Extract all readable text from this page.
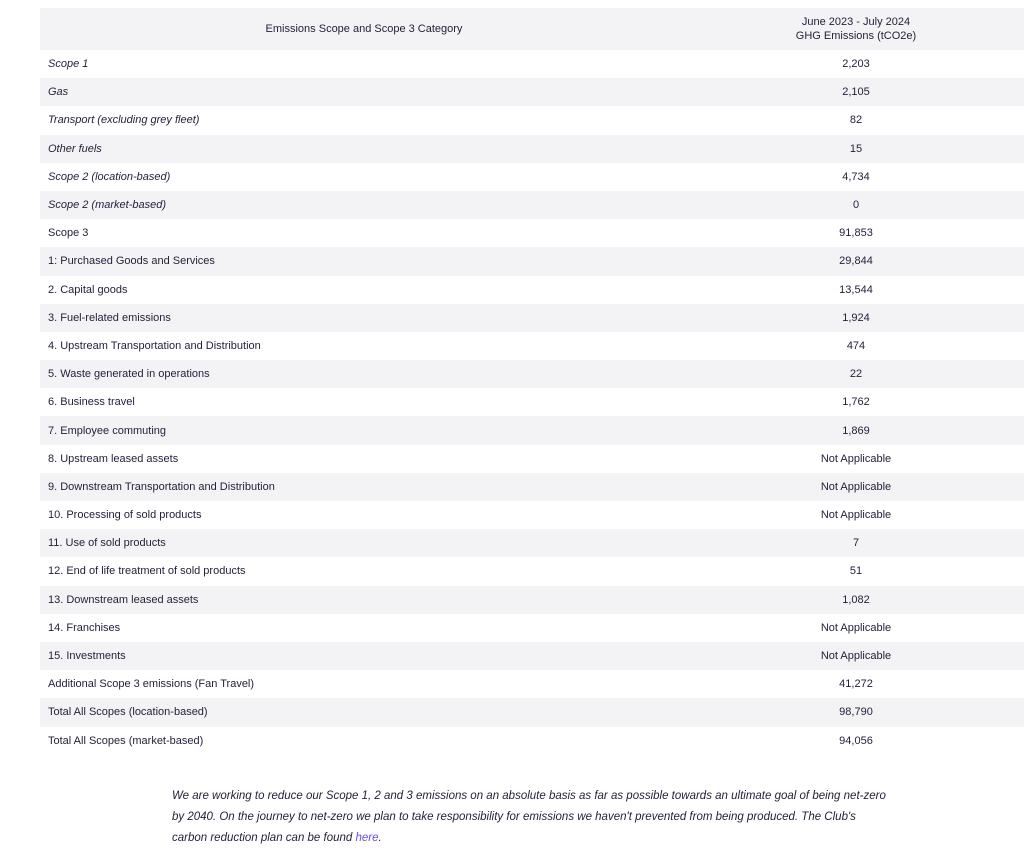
Emissions Scope and Scope 3 Category	June 2023 - July 2024
GHG Emissions (tCO2e)
Scope 1	2,203
Gas	2,105
Transport (excluding grey fleet)	82
Other fuels	15
Scope 2 (location-based)	4,734
Scope 2 (market-based)	0
Scope 3	91,853
1: Purchased Goods and Services	29,844
2. Capital goods	13,544
3. Fuel-related emissions	1,924
4. Upstream Transportation and Distribution	474
5. Waste generated in operations	22
6. Business travel	1,762
7. Employee commuting	1,869
8. Upstream leased assets	Not Applicable
9. Downstream Transportation and Distribution	Not Applicable
10. Processing of sold products	Not Applicable
11. Use of sold products	7
12. End of life treatment of sold products	51
13. Downstream leased assets	1,082
14. Franchises	Not Applicable
15. Investments	Not Applicable
Additional Scope 3 emissions (Fan Travel)	41,272
Total All Scopes (location-based)	98,790
Total All Scopes (market-based)	94,056

We are working to reduce our Scope 1, 2 and 3 emissions on an absolute basis as far as possible towards an ultimate goal of being net-zero by 2040. On the journey to net-zero we plan to take responsibility for emissions we haven't prevented from being produced. The Club's carbon reduction plan can be found here.
